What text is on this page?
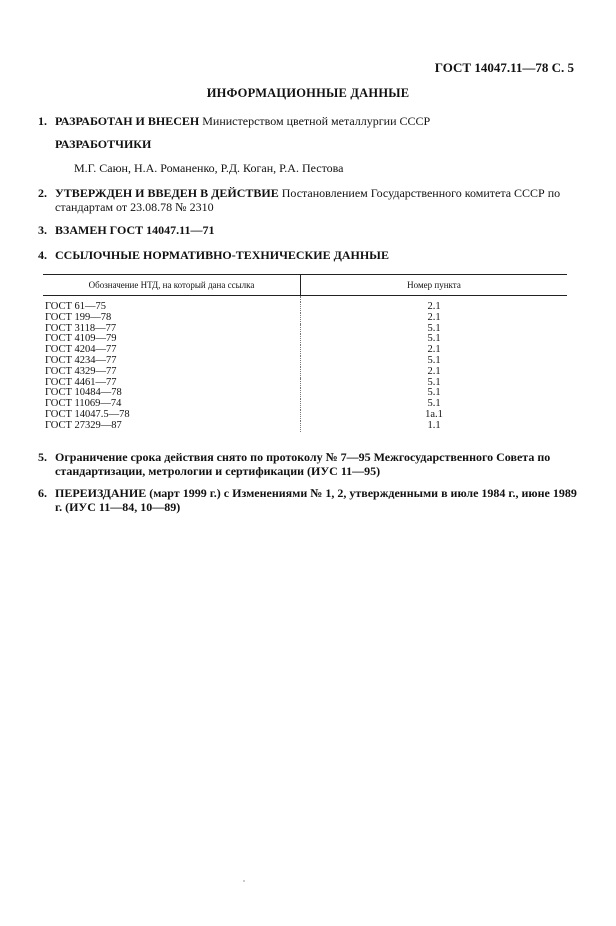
ГОСТ 14047.11—78 С. 5
ИНФОРМАЦИОННЫЕ ДАННЫЕ
1. РАЗРАБОТАН И ВНЕСЕН Министерством цветной металлургии СССР
РАЗРАБОТЧИКИ
М.Г. Саюн, Н.А. Романенко, Р.Д. Коган, Р.А. Пестова
2. УТВЕРЖДЕН И ВВЕДЕН В ДЕЙСТВИЕ Постановлением Государственного комитета СССР по стандартам от 23.08.78 № 2310
3. ВЗАМЕН ГОСТ 14047.11—71
4. ССЫЛОЧНЫЕ НОРМАТИВНО-ТЕХНИЧЕСКИЕ ДАННЫЕ
Обозначение НТД, на который дана ссылка	Номер пункта

ГОСТ 61—75	2.1
ГОСТ 199—78	2.1
ГОСТ 3118—77	5.1
ГОСТ 4109—79	5.1
ГОСТ 4204—77	2.1
ГОСТ 4234—77	5.1
ГОСТ 4329—77	2.1
ГОСТ 4461—77	5.1
ГОСТ 10484—78	5.1
ГОСТ 11069—74	5.1
ГОСТ 14047.5—78	1а.1
ГОСТ 27329—87	1.1
5. Ограничение срока действия снято по протоколу № 7—95 Межгосударственного Совета по стандартизации, метрологии и сертификации (ИУС 11—95)
6. ПЕРЕИЗДАНИЕ (март 1999 г.) с Изменениями № 1, 2, утвержденными в июле 1984 г., июне 1989 г. (ИУС 11—84, 10—89)
